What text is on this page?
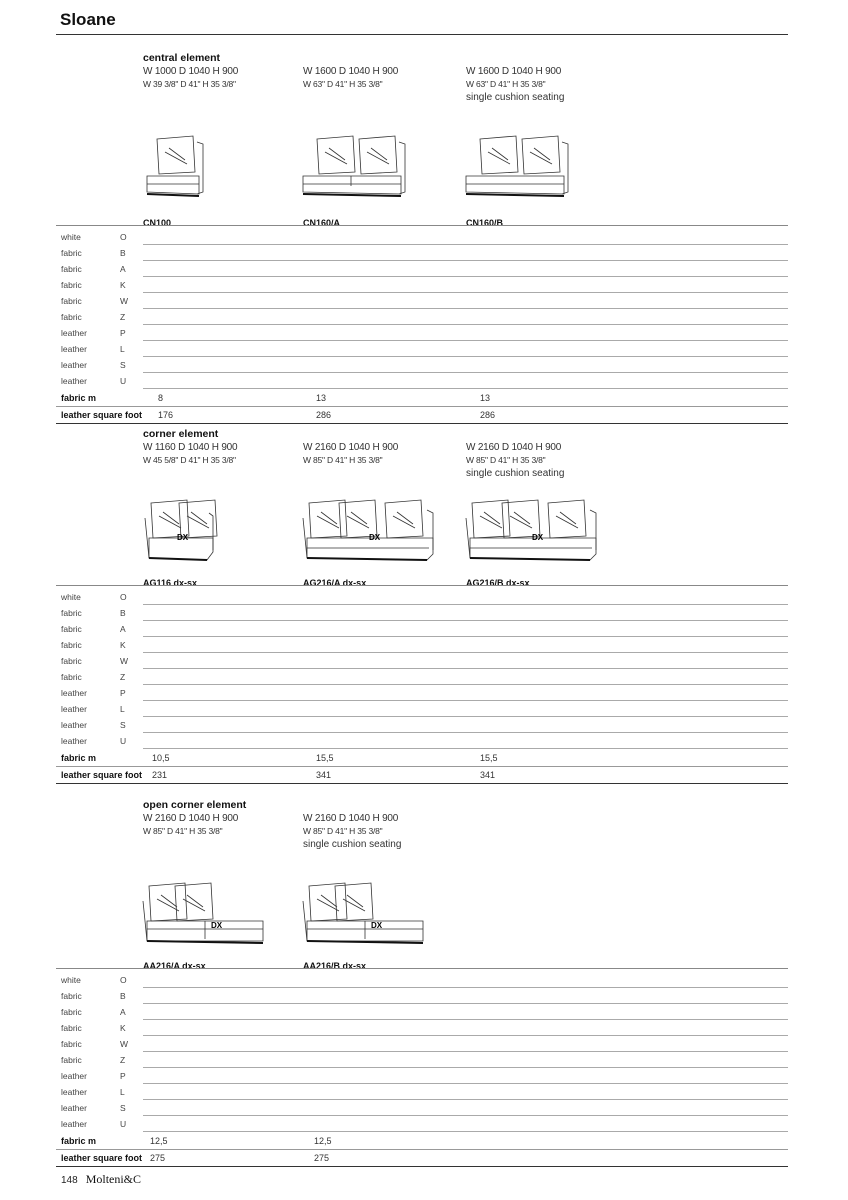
Sloane
central element
W 1000 D 1040 H 900
W 39 3/8" D 41" H 35 3/8"
CN100
W 1600 D 1040 H 900
W 63" D 41" H 35 3/8"
CN160/A
W 1600 D 1040 H 900
W 63" D 41" H 35 3/8"
single cushion seating
CN160/B
white	O
fabric	B
fabric	A
fabric	K
fabric	W
fabric	Z
leather	P
leather	L
leather	S
leather	U
fabric m	8	13	13
leather square foot 176	286	286
corner element
W 1160 D 1040 H 900
W 45 5/8" D 41" H 35 3/8"
DX
AG116 dx-sx
W 2160 D 1040 H 900
W 85" D 41" H 35 3/8"
DX
AG216/A dx-sx
W 2160 D 1040 H 900
W 85" D 41" H 35 3/8"
single cushion seating
DX
AG216/B dx-sx
white	O
fabric	B
fabric	A
fabric	K
fabric	W
fabric	Z
leather	P
leather	L
leather	S
leather	U
fabric m	10,5	15,5	15,5
leather square foot 231	341	341
open corner element
W 2160 D 1040 H 900
W 85" D 41" H 35 3/8"
DX
AA216/A dx-sx
W 2160 D 1040 H 900
W 85" D 41" H 35 3/8"
single cushion seating
DX
AA216/B dx-sx
white	O
fabric	B
fabric	A
fabric	K
fabric	W
fabric	Z
leather	P
leather	L
leather	S
leather	U
fabric m	12,5	12,5
leather square foot 275	275
148 Molteni&C
